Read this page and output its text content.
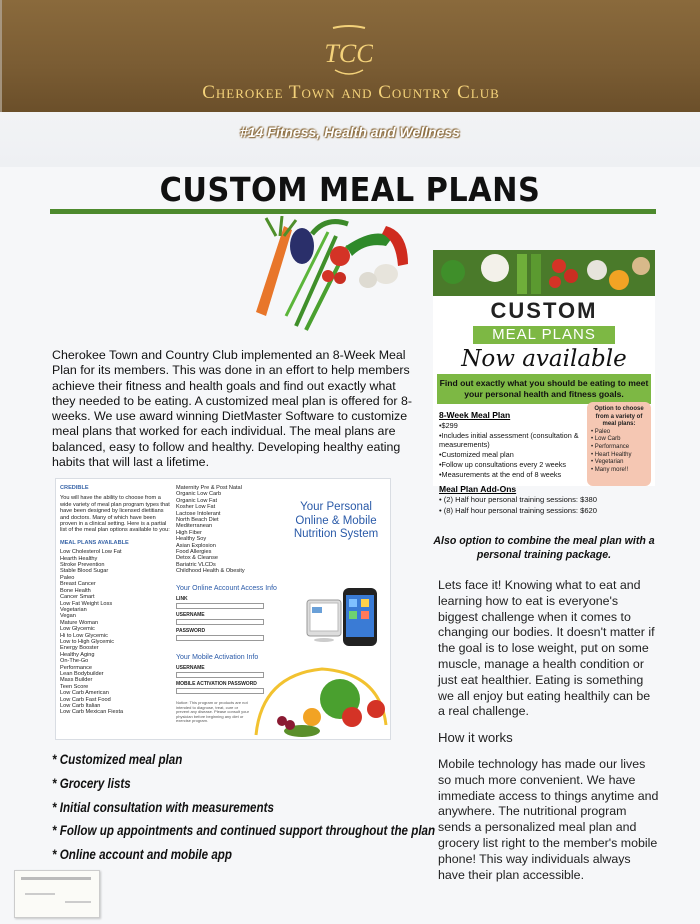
TCC
Cherokee Town and Country Club
#14 Fitness, Health and Wellness
CUSTOM MEAL PLANS
Cherokee Town and Country Club implemented an 8-Week Meal Plan for its members. This was done in an effort to help members achieve their fitness and health goals and find out exactly what they needed to be eating. A customized meal plan is offered for 8-weeks. We use award winning DietMaster Software to customize meal plans that worked for each individual. The meal plans are balanced, easy to follow and healthy. Developing healthy eating habits that will last a lifetime.
CREDIBLE
You will have the ability to choose from a wide variety of meal plan program types that have been designed by licensed dietitians and doctors. Many of which have been proven in a clinical setting. Here is a partial list of the meal plan options available to you:
MEAL PLANS AVAILABLE
Low Cholesterol Low Fat
Hearth Healthy
Stroke Prevention
Stable Blood Sugar
Paleo
Breast Cancer
Bone Health
Cancer Smart
Low Fat Weight Loss
Vegetarian
Vegan
Mature Woman
Low Glycemic
Hi to Low Glycemic
Low to High Glycemic
Energy Booster
Healthy Aging
On-The-Go
Performance
Lean Bodybuilder
Mass Builder
Teen Score
Low Carb American
Low Carb Fast Food
Low Carb Italian
Low Carb Mexican Fiesta
Maternity Pre & Post Natal
Organic Low Carb
Organic Low Fat
Kosher Low Fat
Lactose Intolerant
North Beach Diet
Mediterranean
High Fiber
Healthy Soy
Asian Explosion
Food Allergies
Detox & Cleanse
Bariatric VLCDs
Childhood Health & Obesity
Your Personal Online & Mobile Nutrition System
Your Online Account Access Info
LINK
USERNAME
PASSWORD
Your Mobile Activation Info
USERNAME
MOBILE ACTIVATION PASSWORD
Notice: This program or products are not intended to diagnose, treat, cure or prevent any disease. Please consult your physician before beginning any diet or exercise program.
* Customized meal plan
* Grocery lists
* Initial consultation with measurements
* Follow up appointments and continued support throughout the plan
* Online account and mobile app
CUSTOM
MEAL PLANS
Now available
Find out exactly what you should be eating to meet your personal health and fitness goals.
8-Week Meal Plan
•$299
•Includes initial assessment (consultation & measurements)
•Customized meal plan
•Follow up consultations every 2 weeks
•Measurements at the end of 8 weeks
Option to choose from a variety of meal plans:
• Paleo
• Low Carb
• Performance
• Heart Healthy
• Vegetarian
• Many more!!
Meal Plan Add-Ons
• (2) Half hour personal training sessions: $380
• (8) Half hour personal training sessions: $620
Also option to combine the meal plan with a personal training package.
Lets face it! Knowing what to eat and learning how to eat is everyone's biggest challenge when it comes to changing our bodies. It doesn't matter if the goal is to lose weight, put on some muscle, manage a health condition or just eat healthier. Eating is something we all enjoy but eating healthily can be a real challenge.
How it works
Mobile technology has made our lives so much more convenient. We have immediate access to things anytime and anywhere. The nutritional program sends a personalized meal plan and grocery list right to the member's mobile phone! This way individuals always have their plan accessible.
